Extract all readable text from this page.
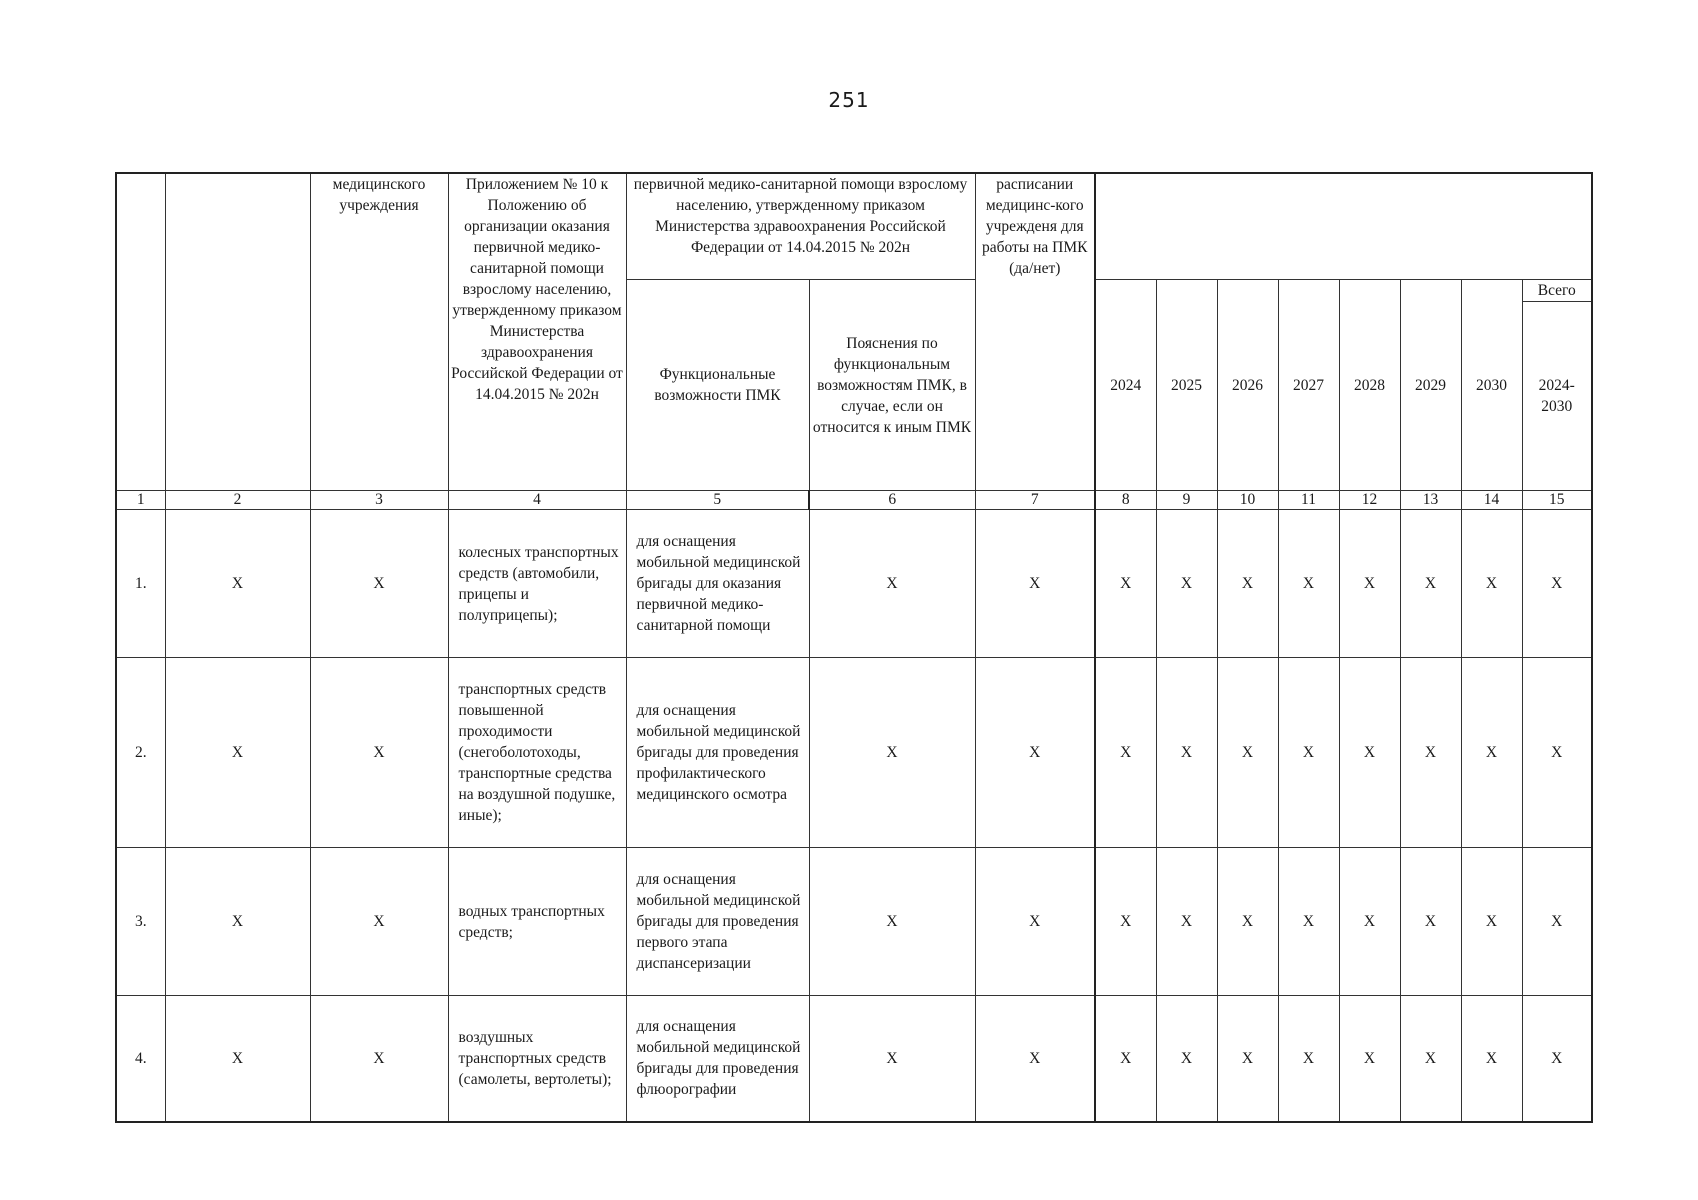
251
		медицинского учреждения	Приложением № 10 к Положению об организации оказания первичной медико-санитарной помощи взрослому населению, утвержденному приказом Министерства здравоохранения Российской Федерации от 14.04.2015 № 202н	первичной медико-санитарной помощи взрослому населению, утвержденному приказом Министерства здравоохранения Российской Федерации от 14.04.2015 № 202н		расписании медицинс-кого учрежденя для работы на ПМК (да/нет)								
				Функциональные возможности ПМК	Пояснения по функциональным возможностям ПМК, в случае, если он относится к иным ПМК		2024	2025	2026	2027	2028	2029	2030	Всего
														2024-2030
1	2	3	4	5	6	7	8	9	10	11	12	13	14	15
1.	X	X	колесных транспортных средств (автомобили, прицепы и полуприцепы);	для оснащения мобильной медицинской бригады для оказания первичной медико-санитарной помощи	X	X	X	X	X	X	X	X	X	X
2.	X	X	транспортных средств повышенной проходимости (снегоболотоходы, транспортные средства на воздушной подушке, иные);	для оснащения мобильной медицинской бригады для проведения профилактического медицинского осмотра	X	X	X	X	X	X	X	X	X	X
3.	X	X	водных транспортных средств;	для оснащения мобильной медицинской бригады для проведения первого этапа диспансеризации	X	X	X	X	X	X	X	X	X	X
4.	X	X	воздушных транспортных средств (самолеты, вертолеты);	для оснащения мобильной медицинской бригады для проведения флюорографии	X	X	X	X	X	X	X	X	X	X
